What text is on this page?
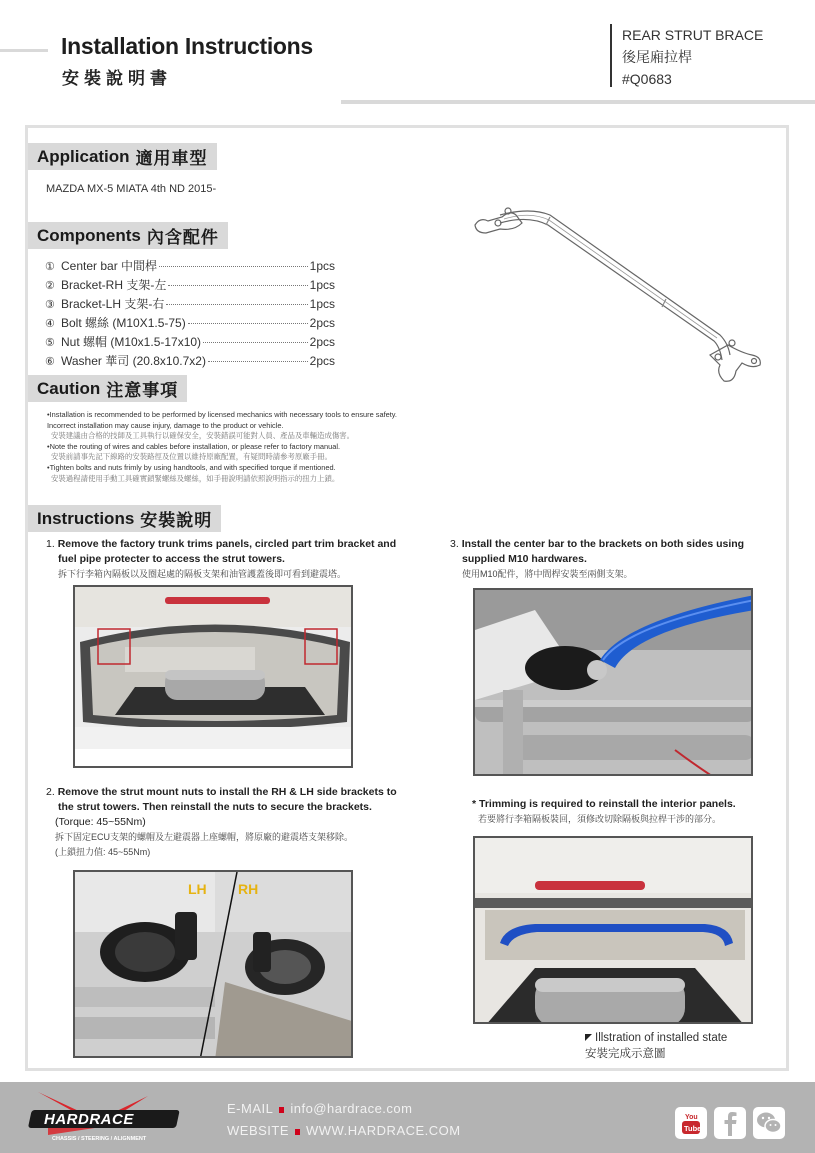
Installation Instructions
安裝說明書
REAR STRUT BRACE
後尾廂拉桿
#Q0683
Application 適用車型
MAZDA MX-5 MIATA 4th ND 2015-
Components 內含配件
① Center bar 中間桿	1pcs
② Bracket-RH 支架-左	1pcs
③ Bracket-LH 支架-右	1pcs
④ Bolt 螺絲 (M10X1.5-75)	2pcs
⑤ Nut 螺帽 (M10x1.5-17x10)	2pcs
⑥ Washer 華司 (20.8x10.7x2)	2pcs
Caution 注意事項
•Installation is recommended to be performed by licensed mechanics with necessary tools to ensure safety. Incorrect installation may cause injury, damage to the product or vehicle.
安裝建議由合格的技師及工具執行以確保安全，安裝錯誤可能對人員、產品及車輛造成傷害。
•Note the routing of wires and cables before installation, or please refer to factory manual.
安裝前請事先記下線路的安裝路徑及位置以維持原廠配置，有疑問時請參考原廠手冊。
•Tighten bolts and nuts frimly by using handtools, and with specified torque if mentioned.
安裝過程請使用手動工具確實鎖緊螺絲及螺絲，如手冊說明請依照說明指示的扭力上鎖。
Instructions 安裝說明
1. Remove the factory trunk trims panels, circled part trim bracket and
fuel pipe protecter to access the strut towers.
拆下行李箱內隔板以及圈起處的隔板支架和油管護蓋後即可看到避震塔。
2. Remove the strut mount nuts to install the RH & LH side brackets to
the strut towers. Then reinstall the nuts to secure the brackets.
(Torque: 45~55Nm)
拆下固定ECU支架的螺帽及左避震器上座螺帽，將原廠的避震塔支架移除。
(上鎖扭力值: 45~55Nm)
LH RH
3. Install the center bar to the brackets on both sides using
supplied M10 hardwares.
使用M10配件，將中間桿安裝至兩側支架。
* Trimming is required to reinstall the interior panels.
若要將行李箱隔板裝回，須修改切除隔板與拉桿干涉的部分。
Illstration of installed state
安裝完成示意圖
HARDRACE
CHASSIS / STEERING / ALIGNMENT
E-MAIL info@hardrace.com
WEBSITE WWW.HARDRACE.COM
You
Tube
